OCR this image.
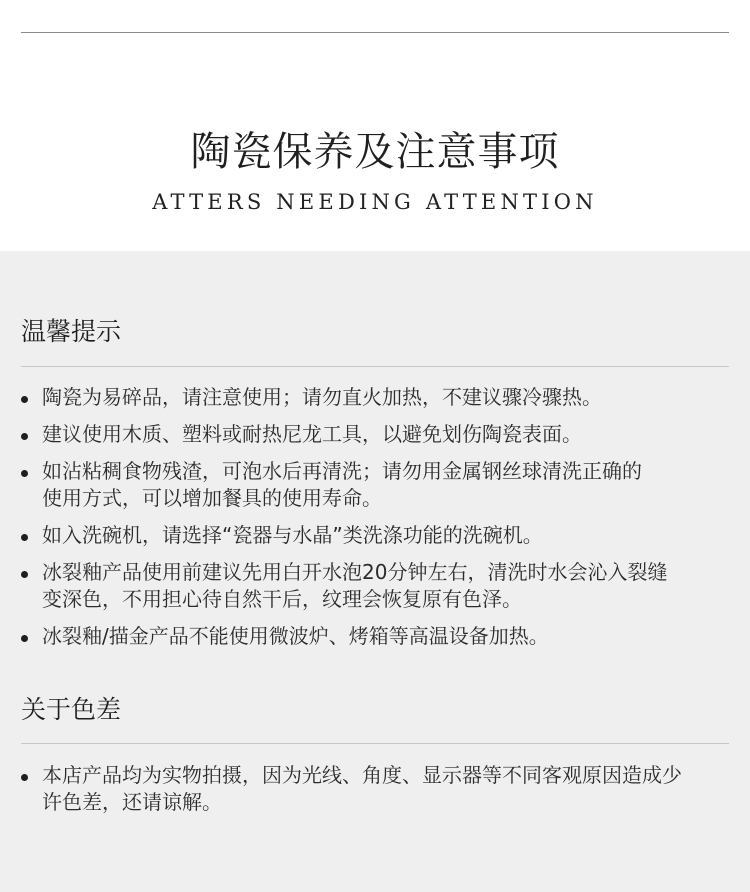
陶瓷保养及注意事项
ATTERS NEEDING ATTENTION
温馨提示
陶瓷为易碎品，请注意使用；请勿直火加热，不建议骤冷骤热。
建议使用木质、塑料或耐热尼龙工具，以避免划伤陶瓷表面。
如沾粘稠食物残渣，可泡水后再清洗；请勿用金属钢丝球清洗正确的使用方式，可以增加餐具的使用寿命。
如入洗碗机，请选择“瓷器与水晶”类洗涤功能的洗碗机。
冰裂釉产品使用前建议先用白开水泡20分钟左右，清洗时水会沁入裂缝变深色，不用担心待自然干后，纹理会恢复原有色泽。
冰裂釉/描金产品不能使用微波炉、烤箱等高温设备加热。
关于色差
本店产品均为实物拍摄，因为光线、角度、显示器等不同客观原因造成少许色差，还请谅解。
